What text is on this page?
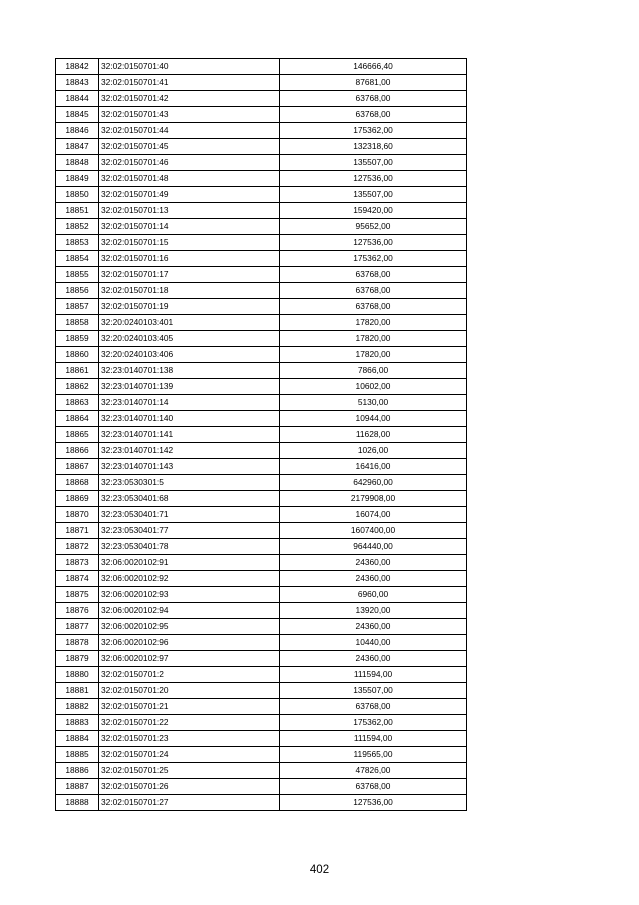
18842	32:02:0150701:40	146666,40
18843	32:02:0150701:41	87681,00
18844	32:02:0150701:42	63768,00
18845	32:02:0150701:43	63768,00
18846	32:02:0150701:44	175362,00
18847	32:02:0150701:45	132318,60
18848	32:02:0150701:46	135507,00
18849	32:02:0150701:48	127536,00
18850	32:02:0150701:49	135507,00
18851	32:02:0150701:13	159420,00
18852	32:02:0150701:14	95652,00
18853	32:02:0150701:15	127536,00
18854	32:02:0150701:16	175362,00
18855	32:02:0150701:17	63768,00
18856	32:02:0150701:18	63768,00
18857	32:02:0150701:19	63768,00
18858	32:20:0240103:401	17820,00
18859	32:20:0240103:405	17820,00
18860	32:20:0240103:406	17820,00
18861	32:23:0140701:138	7866,00
18862	32:23:0140701:139	10602,00
18863	32:23:0140701:14	5130,00
18864	32:23:0140701:140	10944,00
18865	32:23:0140701:141	11628,00
18866	32:23:0140701:142	1026,00
18867	32:23:0140701:143	16416,00
18868	32:23:0530301:5	642960,00
18869	32:23:0530401:68	2179908,00
18870	32:23:0530401:71	16074,00
18871	32:23:0530401:77	1607400,00
18872	32:23:0530401:78	964440,00
18873	32:06:0020102:91	24360,00
18874	32:06:0020102:92	24360,00
18875	32:06:0020102:93	6960,00
18876	32:06:0020102:94	13920,00
18877	32:06:0020102:95	24360,00
18878	32:06:0020102:96	10440,00
18879	32:06:0020102:97	24360,00
18880	32:02:0150701:2	111594,00
18881	32:02:0150701:20	135507,00
18882	32:02:0150701:21	63768,00
18883	32:02:0150701:22	175362,00
18884	32:02:0150701:23	111594,00
18885	32:02:0150701:24	119565,00
18886	32:02:0150701:25	47826,00
18887	32:02:0150701:26	63768,00
18888	32:02:0150701:27	127536,00
402
